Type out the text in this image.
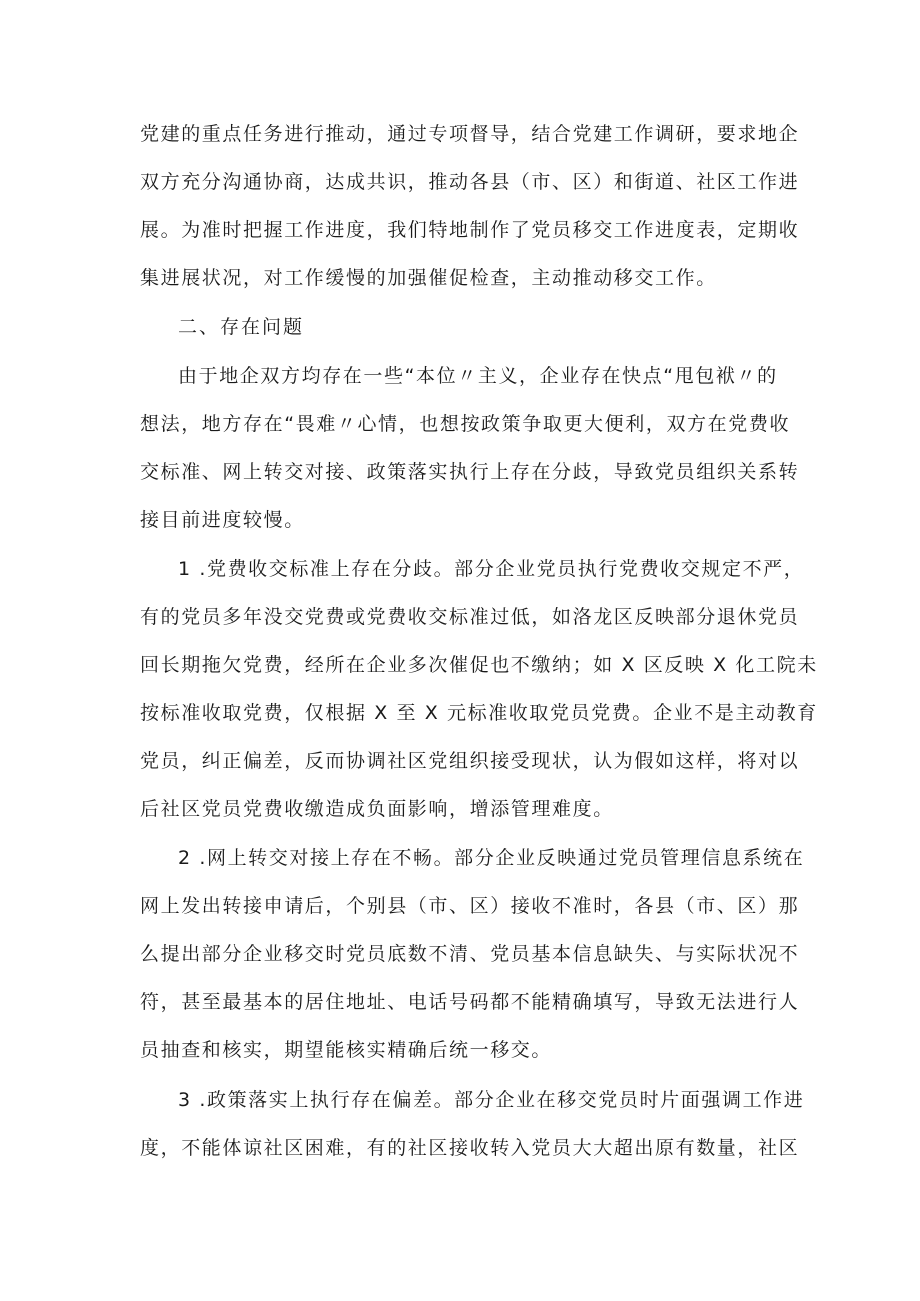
党建的重点任务进行推动，通过专项督导，结合党建工作调研，要求地企
双方充分沟通协商，达成共识，推动各县（市、区）和街道、社区工作进
展。为准时把握工作进度，我们特地制作了党员移交工作进度表，定期收
集进展状况，对工作缓慢的加强催促检查，主动推动移交工作。
二、存在问题
由于地企双方均存在一些“本位〃主义，企业存在快点“甩包袱〃的
想法，地方存在“畏难〃心情，也想按政策争取更大便利，双方在党费收
交标准、网上转交对接、政策落实执行上存在分歧，导致党员组织关系转
接目前进度较慢。
1 .党费收交标准上存在分歧。部分企业党员执行党费收交规定不严，
有的党员多年没交党费或党费收交标准过低，如洛龙区反映部分退休党员
回长期拖欠党费，经所在企业多次催促也不缴纳；如 X 区反映 X 化工院未
按标准收取党费，仅根据 X 至 X 元标准收取党员党费。企业不是主动教育
党员，纠正偏差，反而协调社区党组织接受现状，认为假如这样，将对以
后社区党员党费收缴造成负面影响，增添管理难度。
2 .网上转交对接上存在不畅。部分企业反映通过党员管理信息系统在
网上发出转接申请后，个别县（市、区）接收不准时，各县（市、区）那
么提出部分企业移交时党员底数不清、党员基本信息缺失、与实际状况不
符，甚至最基本的居住地址、电话号码都不能精确填写，导致无法进行人
员抽查和核实，期望能核实精确后统一移交。
3 .政策落实上执行存在偏差。部分企业在移交党员时片面强调工作进
度，不能体谅社区困难，有的社区接收转入党员大大超出原有数量，社区
